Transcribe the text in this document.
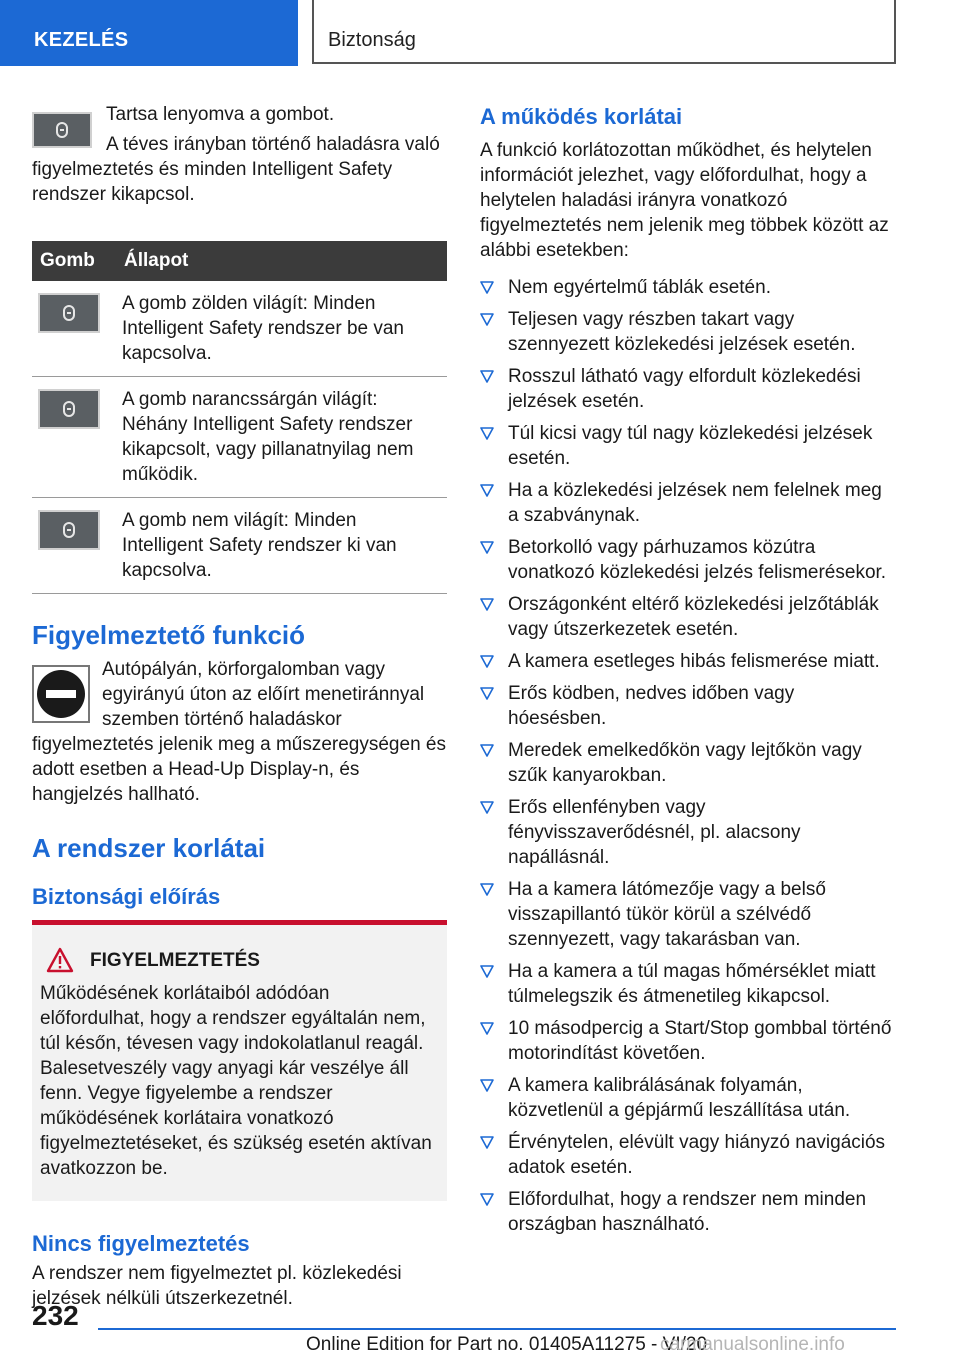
KEZELÉS	Biztonság

Tartsa lenyomva a gombot.

A téves irányban történő haladásra való figyelmeztetés és minden Intelligent Safety rendszer kikapcsol.

Gomb	Állapot

	A gomb zölden világít: Minden Intelligent Safety rendszer be van kapcsolva.

	A gomb narancssárgán világít: Néhány Intelligent Safety rendszer kikapcsolt, vagy pillanatnyilag nem működik.

	A gomb nem világít: Minden Intelligent Safety rendszer ki van kapcsolva.
Figyelmeztető funkció

Autópályán, körforgalomban vagy egyirányú úton az előírt menetiránnyal szemben történő haladáskor figyelmeztetés jelenik meg a műszeregységen és adott esetben a Head-Up Display-n, és hangjelzés hallható.

A rendszer korlátai
Biztonsági előírás
FIGYELMEZTETÉS

Működésének korlátaiból adódóan előfordulhat, hogy a rendszer egyáltalán nem, túl későn, tévesen vagy indokolatlanul reagál. Balesetveszély vagy anyagi kár veszélye áll fenn. Vegye figyelembe a rendszer működésének korlátaira vonatkozó figyelmeztetéseket, és szükség esetén aktívan avatkozzon be.

Nincs figyelmeztetés

A rendszer nem figyelmeztet pl. közlekedési jelzések nélküli útszerkezetnél.

A működés korlátai

A funkció korlátozottan működhet, és helytelen információt jelezhet, vagy előfordulhat, hogy a helytelen haladási irányra vonatkozó figyelmeztetés nem jelenik meg többek között az alábbi esetekben:

Nem egyértelmű táblák esetén.
Teljesen vagy részben takart vagy szennyezett közlekedési jelzések esetén.
Rosszul látható vagy elfordult közlekedési jelzések esetén.
Túl kicsi vagy túl nagy közlekedési jelzések esetén.
Ha a közlekedési jelzések nem felelnek meg a szabványnak.
Betorkolló vagy párhuzamos közútra vonatkozó közlekedési jelzés felismerésekor.
Országonként eltérő közlekedési jelzőtáblák vagy útszerkezetek esetén.
A kamera esetleges hibás felismerése miatt.
Erős ködben, nedves időben vagy hóesésben.
Meredek emelkedőkön vagy lejtőkön vagy szűk kanyarokban.
Erős ellenfényben vagy fényvisszaverődésnél, pl. alacsony napállásnál.
Ha a kamera látómezője vagy a belső visszapillantó tükör körül a szélvédő szennyezett, vagy takarásban van.
Ha a kamera a túl magas hőmérséklet miatt túlmelegszik és átmenetileg kikapcsol.
10 másodpercig a Start/Stop gombbal történő motorindítást követően.
A kamera kalibrálásának folyamán, közvetlenül a gépjármű leszállítása után.
Érvénytelen, elévült vagy hiányzó navigációs adatok esetén.
Előfordulhat, hogy a rendszer nem minden országban használható.
232
Online Edition for Part no. 01405A11275 - VI/20
carmanualsonline.info
